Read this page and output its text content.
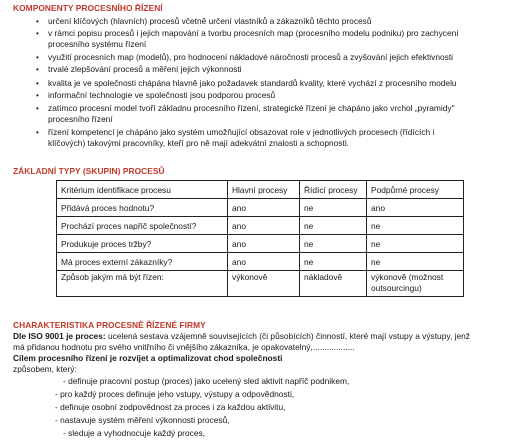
KOMPONENTY PROCESNÍHO ŘÍZENÍ
• určení klíčových (hlavních) procesů včetně určení vlastníků a zákazníků těchto procesů
• v rámci popisu procesů i jejich mapování a tvorbu procesních map (procesního modelu podniku) pro zachycení
procesního systému řízení
• využití procesních map (modelů), pro hodnocení nákladové náročnosti procesů a zvyšování jejich efektivnosti
• trvalé zlepšování procesů a měření jejich výkonnosti
• kvalita je ve společnosti chápána hlavně jako požadavek standardů kvality, které vychází z procesního modelu
• informační technologie ve společnosti jsou podporou procesů
• zatímco procesní model tvoří základnu procesního řízení, strategické řízení je chápáno jako vrchol „pyramidy"
procesního řízení
• řízení kompetencí je chápáno jako systém umožňující obsazovat role v jednotlivých procesech (řídících i
klíčových) takovými pracovníky, kteří pro ně mají adekvátní znalosti a schopnosti.
ZÁKLADNÍ TYPY (SKUPIN) PROCESŮ
Kritérium identifikace procesu	Hlavní procesy	Řídící procesy	Podpůrné procesy
Přidává proces hodnotu?	ano	ne	ano
Prochází proces napříč společností?	ano	ne	ne
Produkuje proces tržby?	ano	ne	ne
Má proces externí zákazníky?	ano	ne	ne
Způsob jakým má být řízen:	výkonově	nákladově	výkonově (možnost outsourcingu)
CHARAKTERISTIKA PROCESNĚ ŘÍZENÉ FIRMY
Dle ISO 9001 je proces: ucelená sestava vzájemně souvisejících (či působících) činností, které mají vstupy a výstupy, jenž
má přidanou hodnotu pro svého vnitřního či vnějšího zákazníka, je opakovatelný,..................
Cílem procesního řízení je rozvíjet a optimalizovat chod společnosti
způsobem, který:
- definuje pracovní postup (proces) jako ucelený sled aktivit napříč podnikem,
- pro každý proces definuje jeho vstupy, výstupy a odpovědnosti,
- definuje osobní zodpovědnost za proces i za každou aktivitu,
- nastavuje systém měření výkonnosti procesů,
- sleduje a vyhodnocuje každý proces,
